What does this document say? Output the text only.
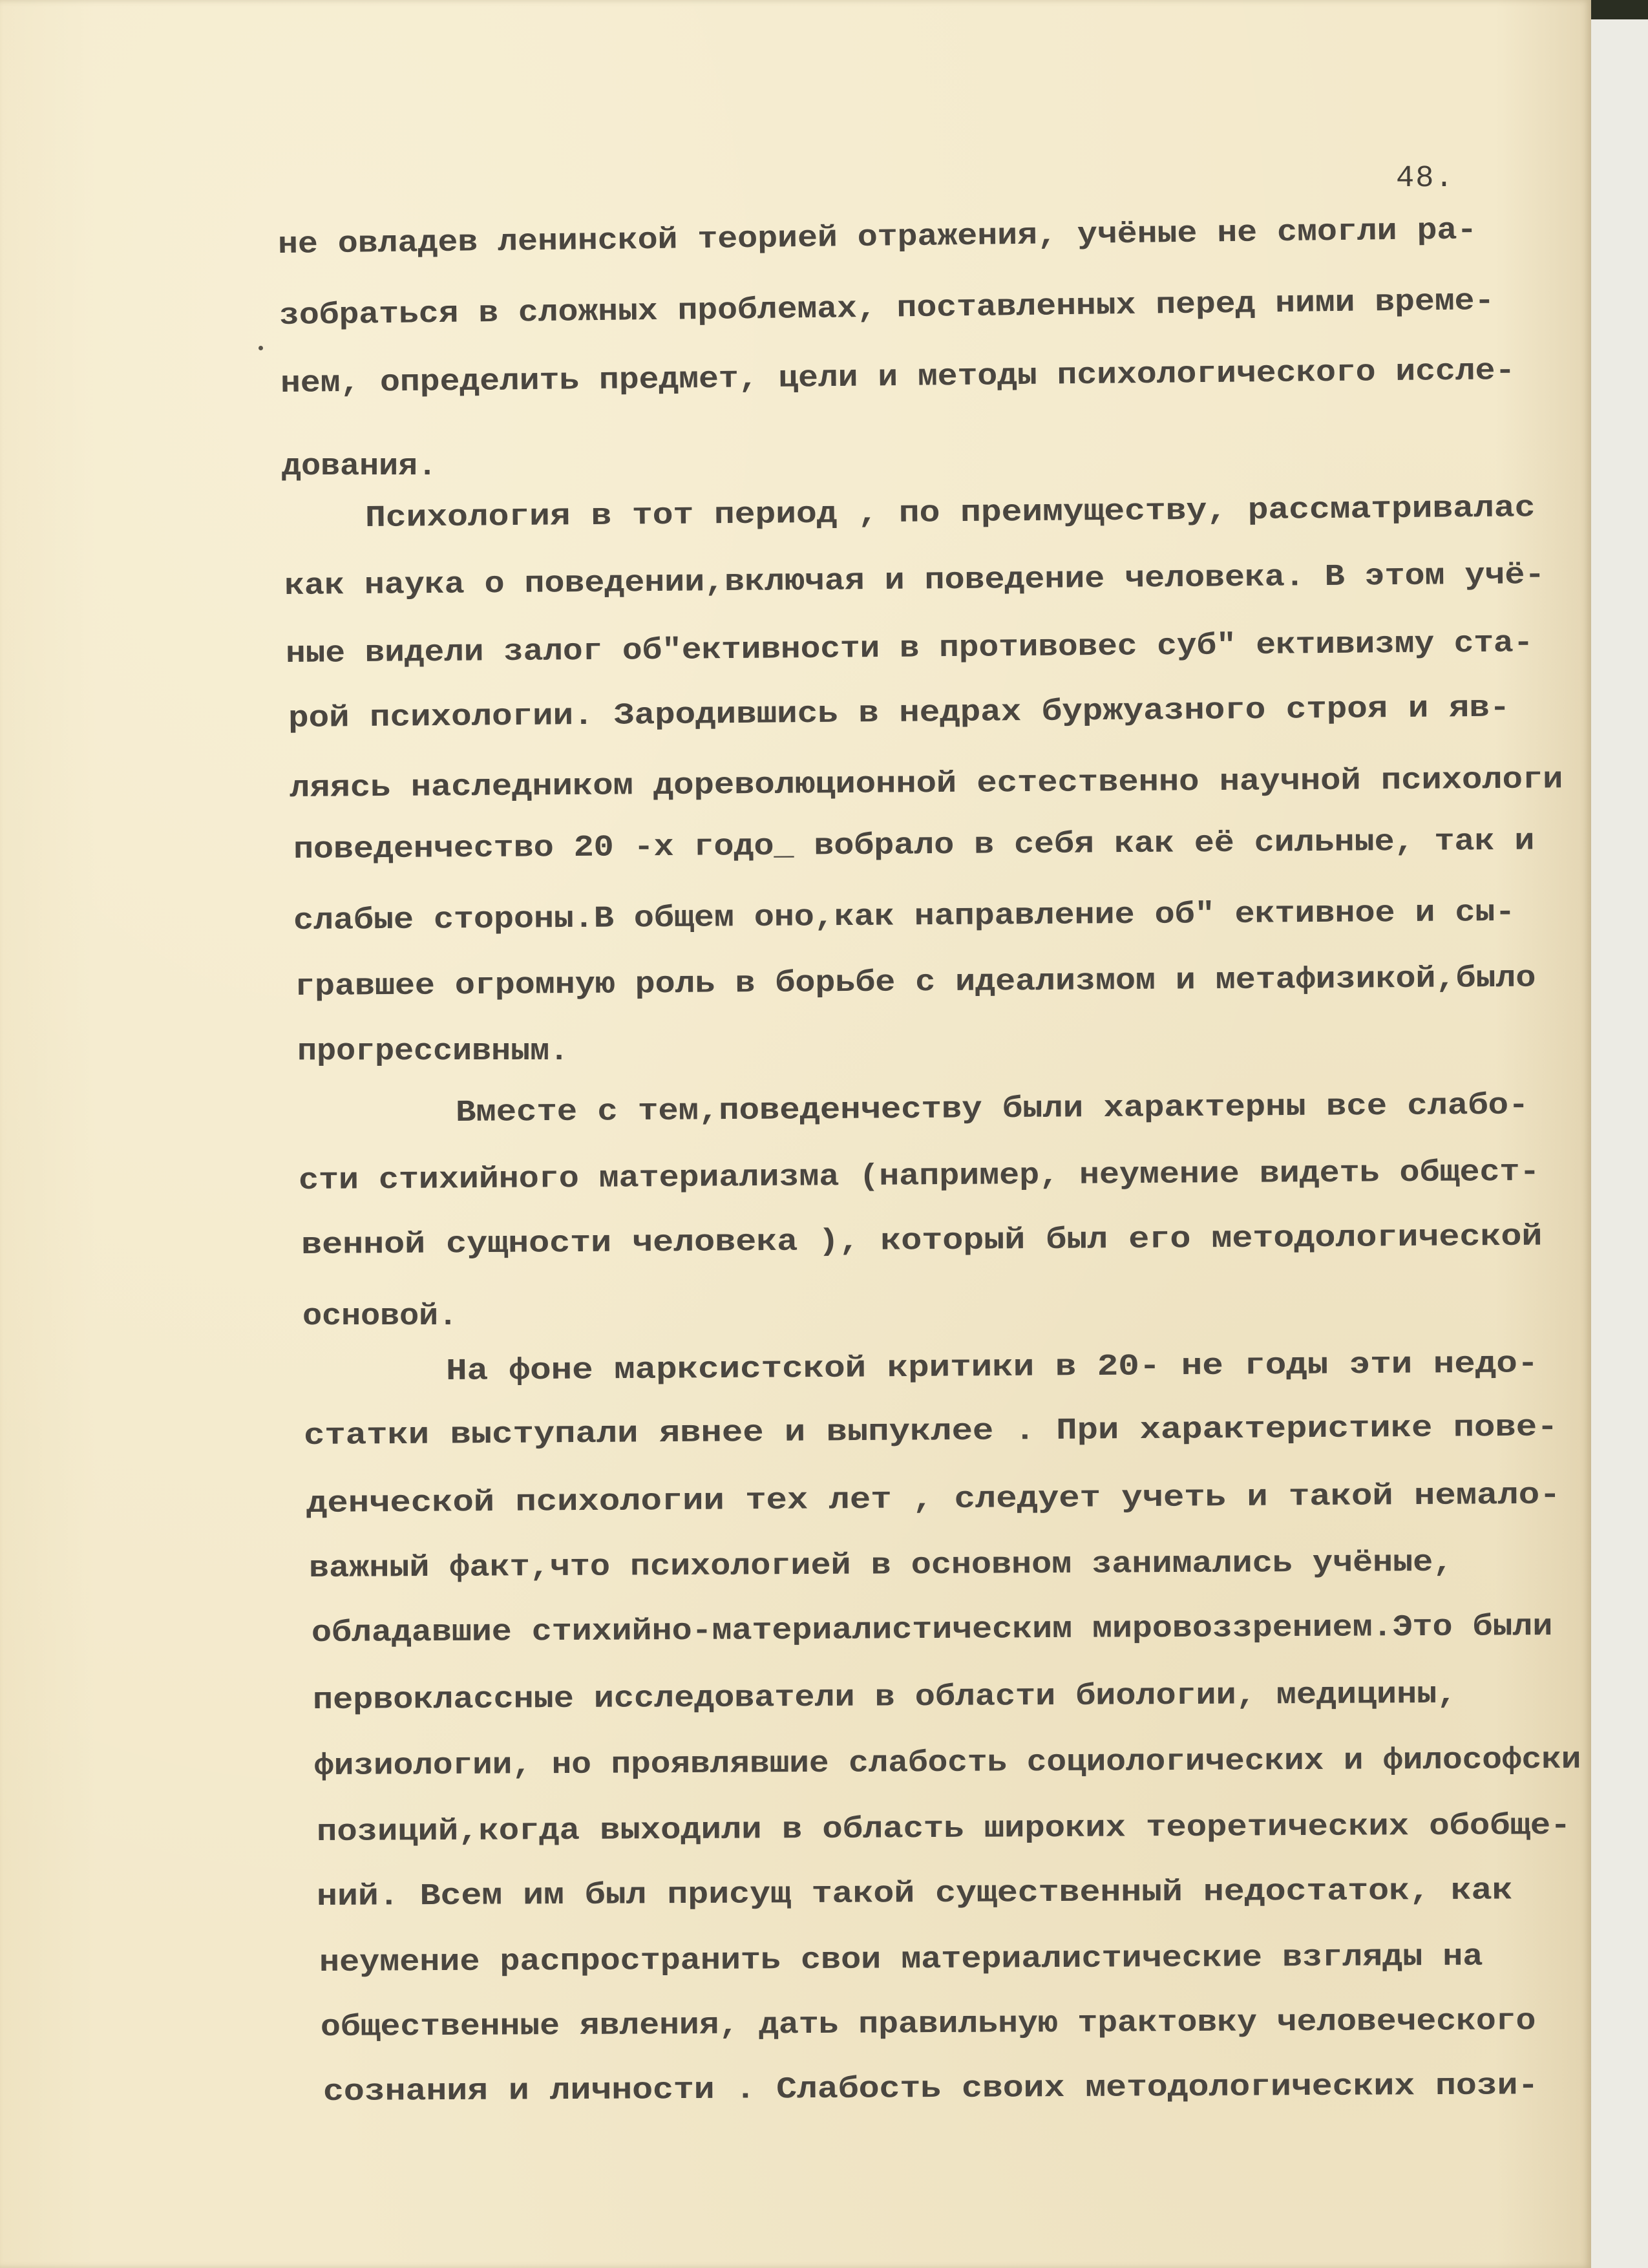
48.
не овладев ленинской теорией отражения, учёные не смогли ра-
зобраться в сложных проблемах, поставленных перед ними време-
нем, определить предмет, цели и методы психологического иссле-
дования.
Психология в тот период , по преимуществу, рассматривалас
как наука о поведении,включая и поведение человека. В этом учё-
ные видели залог об"ективности в противовес суб" ективизму ста-
рой психологии. Зародившись в недрах буржуазного строя и яв-
ляясь наследником дореволюционной естественно научной психологи
поведенчество 20 -х годо_ вобрало в себя как её сильные, так и
слабые стороны.В общем оно,как направление об" ективное и сы-
гравшее огромную роль в борьбе с идеализмом и метафизикой,было
прогрессивным.
Вместе с тем,поведенчеству были характерны все слабо-
сти стихийного материализма (например, неумение видеть общест-
венной сущности человека ), который был его методологической
основой.
На фоне марксистской критики в 20- не годы эти недо-
статки выступали явнее и выпуклее . При характеристике пове-
денческой психологии тех лет , следует учеть и такой немало-
важный факт,что психологией в основном занимались учёные,
обладавшие стихийно-материалистическим мировоззрением.Это были
первоклассные исследователи в области биологии, медицины,
физиологии, но проявлявшие слабость социологических и философски
позиций,когда выходили в область широких теоретических обобще-
ний. Всем им был присущ такой существенный недостаток, как
неумение распространить свои материалистические взгляды на
общественные явления, дать правильную трактовку человеческого
сознания и личности . Слабость своих методологических пози-
